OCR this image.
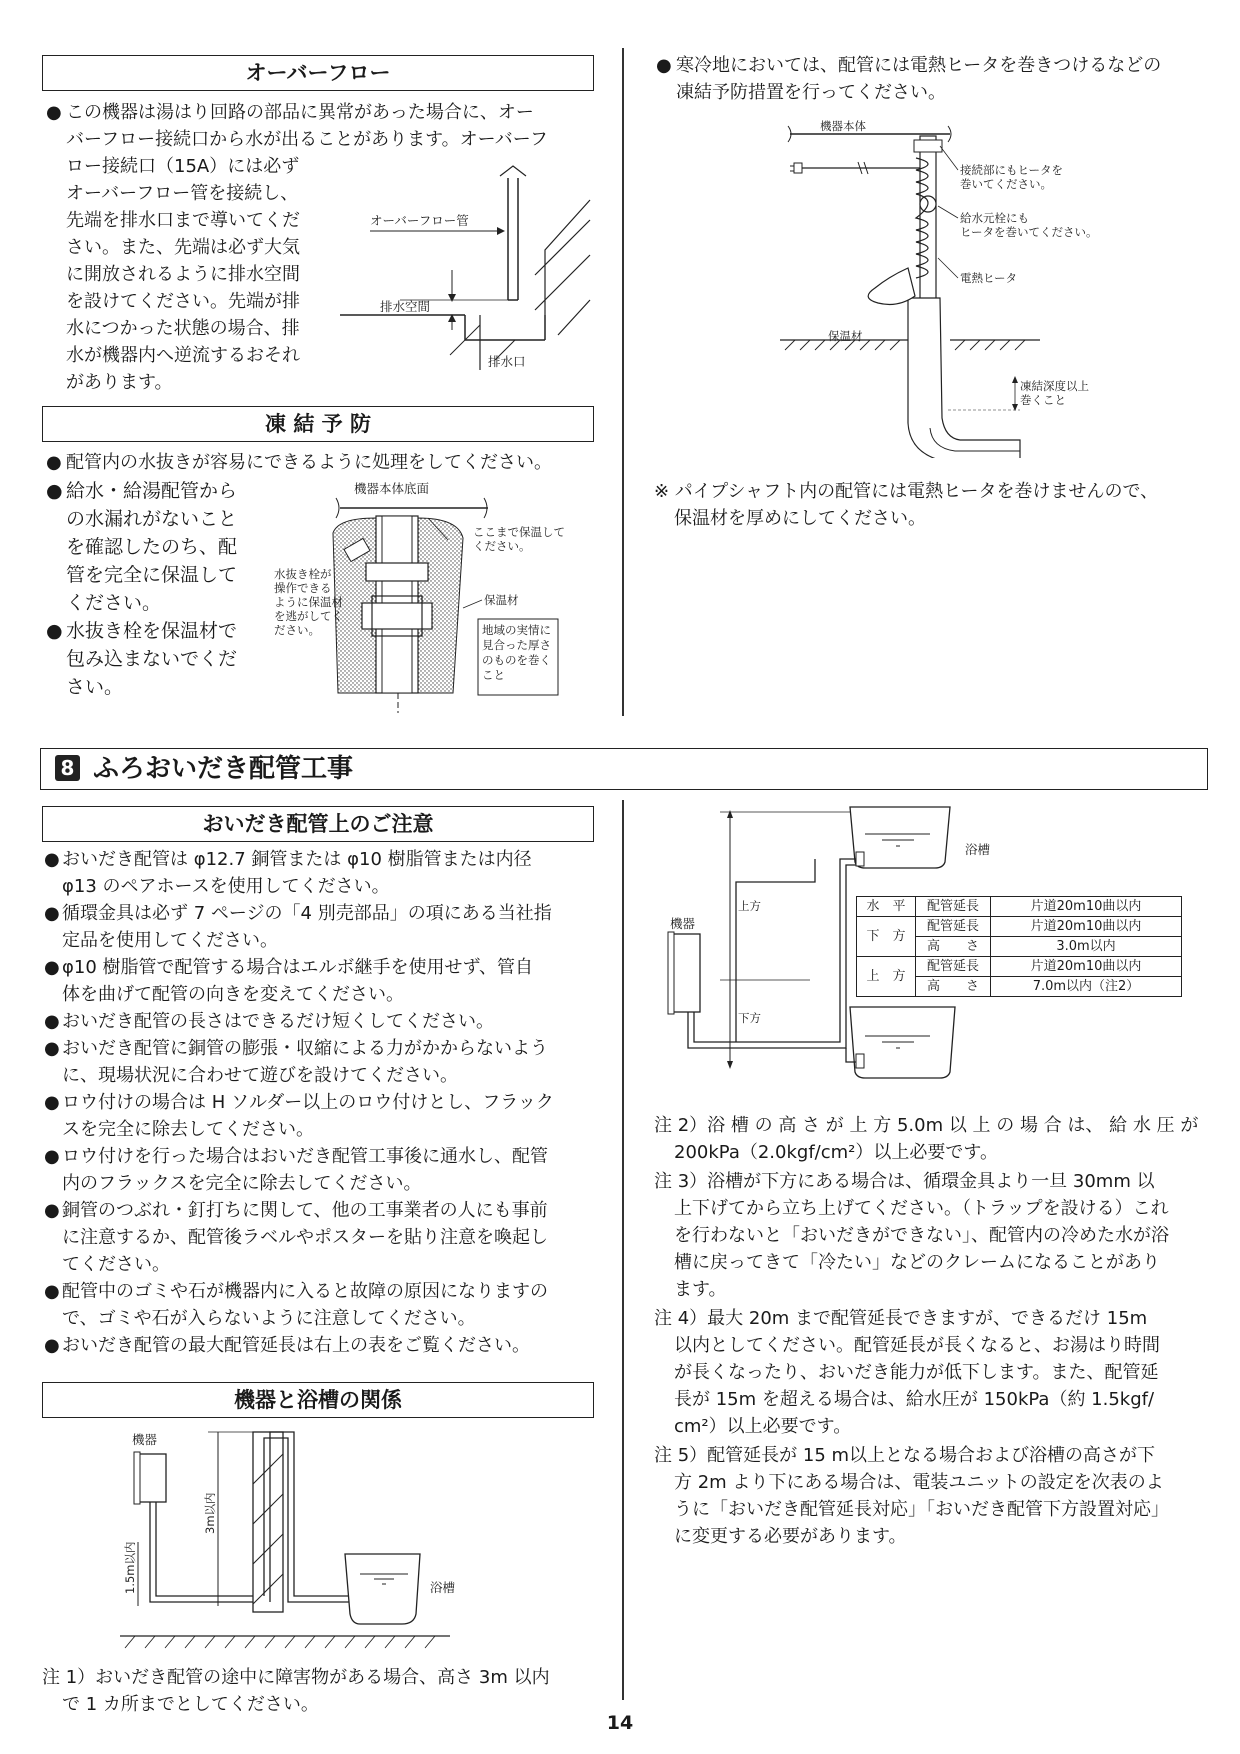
オーバーフロー
● この機器は湯はり回路の部品に異常があった場合に、オー
バーフロー接続口から水が出ることがあります。オーバーフ
ロー接続口（15A）には必ず
オーバーフロー管を接続し、
先端を排水口まで導いてくだ
さい。また、先端は必ず大気
に開放されるように排水空間
を設けてください。先端が排
水につかった状態の場合、排
水が機器内へ逆流するおそれ
があります。
オーバーフロー管
排水空間
排水口
凍 結 予 防
● 配管内の水抜きが容易にできるように処理をしてください。
● 給水・給湯配管から
の水漏れがないこと
を確認したのち、配
管を完全に保温して
ください。
● 水抜き栓を保温材で
包み込まないでくだ
さい。
機器本体底面
ここまで保温して
ください。
水抜き栓が
操作できる
ように保温材
を逃がしてく
ださい。
保温材
地域の実情に
見合った厚さ
のものを巻く
こと
● 寒冷地においては、配管には電熱ヒータを巻きつけるなどの
凍結予防措置を行ってください。
機器本体
接続部にもヒータを
巻いてください。
給水元栓にも
ヒータを巻いてください。
電熱ヒータ
保温材
凍結深度以上
巻くこと
※ パイプシャフト内の配管には電熱ヒータを巻けませんので、
保温材を厚めにしてください。
8 ふろおいだき配管工事
おいだき配管上のご注意
● おいだき配管は φ12.7 銅管または φ10 樹脂管または内径
φ13 のペアホースを使用してください。
● 循環金具は必ず 7 ページの「4 別売部品」の項にある当社指
定品を使用してください。
● φ10 樹脂管で配管する場合はエルボ継手を使用せず、管自
体を曲げて配管の向きを変えてください。
● おいだき配管の長さはできるだけ短くしてください。
● おいだき配管に銅管の膨張・収縮による力がかからないよう
に、現場状況に合わせて遊びを設けてください。
● ロウ付けの場合は H ソルダー以上のロウ付けとし、フラック
スを完全に除去してください。
● ロウ付けを行った場合はおいだき配管工事後に通水し、配管
内のフラックスを完全に除去してください。
● 銅管のつぶれ・釘打ちに関して、他の工事業者の人にも事前
に注意するか、配管後ラベルやポスターを貼り注意を喚起し
てください。
● 配管中のゴミや石が機器内に入ると故障の原因になりますの
で、ゴミや石が入らないように注意してください。
● おいだき配管の最大配管延長は右上の表をご覧ください。
機器と浴槽の関係
機器
1.5m以内
3m以内
浴槽
注 1）おいだき配管の途中に障害物がある場合、高さ 3m 以内
で 1 カ所までとしてください。
浴槽
機器
上方
下方
水　平	配管延長	片道20m10曲以内
下　方	配管延長	片道20m10曲以内
	高　　さ	3.0m以内
上　方	配管延長	片道20m10曲以内
	高　　さ	7.0m以内（注2）
注 2）浴 槽 の 高 さ が 上 方 5.0m 以 上 の 場 合 は、 給 水 圧 が
200kPa（2.0kgf/cm²）以上必要です。
注 3）浴槽が下方にある場合は、循環金具より一旦 30mm 以
上下げてから立ち上げてください。（トラップを設ける）これ
を行わないと「おいだきができない」、配管内の冷めた水が浴
槽に戻ってきて「冷たい」などのクレームになることがあり
ます。
注 4）最大 20m まで配管延長できますが、できるだけ 15m
以内としてください。配管延長が長くなると、お湯はり時間
が長くなったり、おいだき能力が低下します。また、配管延
長が 15m を超える場合は、給水圧が 150kPa（約 1.5kgf/
cm²）以上必要です。
注 5）配管延長が 15 m以上となる場合および浴槽の高さが下
方 2m より下にある場合は、電装ユニットの設定を次表のよ
うに「おいだき配管延長対応」「おいだき配管下方設置対応」
に変更する必要があります。
14
